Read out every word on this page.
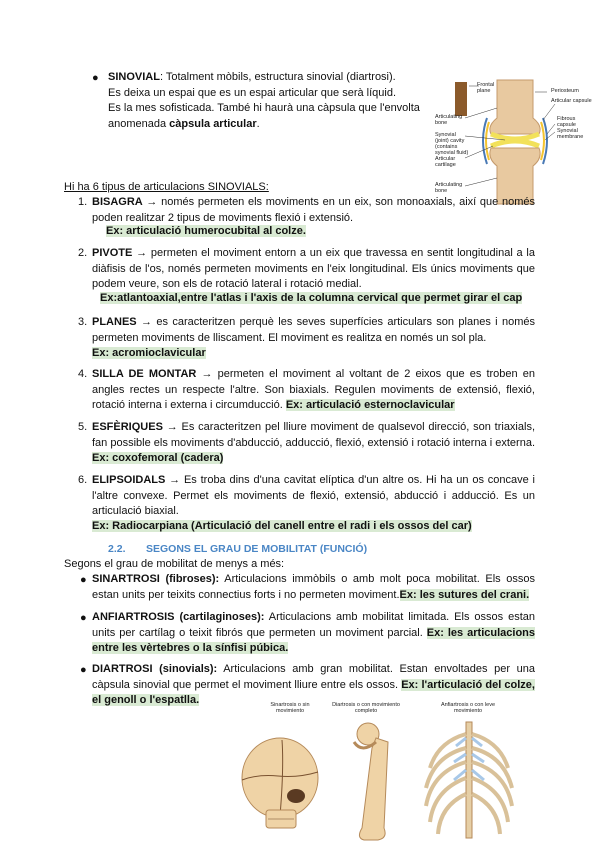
● SINOVIAL: Totalment mòbils, estructura sinovial (diartrosi).
Es deixa un espai que es un espai articular que serà líquid.
Es la mes sofisticada. També hi haurà una càpsula que l'envolta
anomenada càpsula articular.
Frontal plane	Periosteum
Articular capsule
Fibrous capsule
Synovial membrane
Articulating bone
Synovial (joint) cavity (contains synovial fluid)
Articular cartilage
Articulating bone
Hi ha 6 tipus de articulacions SINOVIALS:
1. BISAGRA → només permeten els moviments en un eix, son monoaxials, així que només poden realitzar 2 tipus de moviments flexió i extensió.
Ex: articulació humerocubital al colze.
2. PIVOTE → permeten el moviment entorn a un eix que travessa en sentit longitudinal a la diàfisis de l'os, només permeten moviments en l'eix longitudinal. Els únics moviments que podem veure, son els de rotació lateral i rotació medial.
Ex:atlantoaxial,entre l'atlas i l'axis de la columna cervical que permet girar el cap
3. PLANES → es caracteritzen perquè les seves superfícies articulars son planes i només permeten moviments de lliscament. El moviment es realitza en només un sol pla.
Ex: acromioclavicular
4. SILLA DE MONTAR → permeten el moviment al voltant de 2 eixos que es troben en angles rectes un respecte l'altre. Son biaxials. Regulen moviments de extensió, flexió, rotació interna i externa i circumducció. Ex: articulació esternoclavicular
5. ESFÈRIQUES → Es caracteritzen pel lliure moviment de qualsevol direcció, son triaxials, fan possible els moviments d'abducció, adducció, flexió, extensió i rotació interna i externa. Ex: coxofemoral (cadera)
6. ELIPSOIDALS → Es troba dins d'una cavitat elíptica d'un altre os. Hi ha un os concave i l'altre convexe. Permet els moviments de flexió, extensió, abducció i adducció. Es un articulació biaxial.
Ex: Radiocarpiana (Articulació del canell entre el radi i els ossos del car)
2.2. SEGONS EL GRAU DE MOBILITAT (FUNCIÓ)
Segons el grau de mobilitat de menys a més:
● SINARTROSI (fibroses): Articulacions immòbils o amb molt poca mobilitat. Els ossos estan units per teixits connectius forts i no permeten moviment.Ex: les sutures del crani.
● ANFIARTROSIS (cartilaginoses): Articulacions amb mobilitat limitada. Els ossos estan units per cartílag o teixit fibrós que permeten un moviment parcial. Ex: les articulacions entre les vèrtebres o la sínfisi púbica.
● DIARTROSI (sinovials): Articulacions amb gran mobilitat. Estan envoltades per una càpsula sinovial que permet el moviment lliure entre els ossos. Ex: l'articulació del colze, el genoll o l'espatlla.	Sinartrosis o sin movimiento
Diartrosis o con movimiento completo
Anfiartrosis o con leve movimiento
